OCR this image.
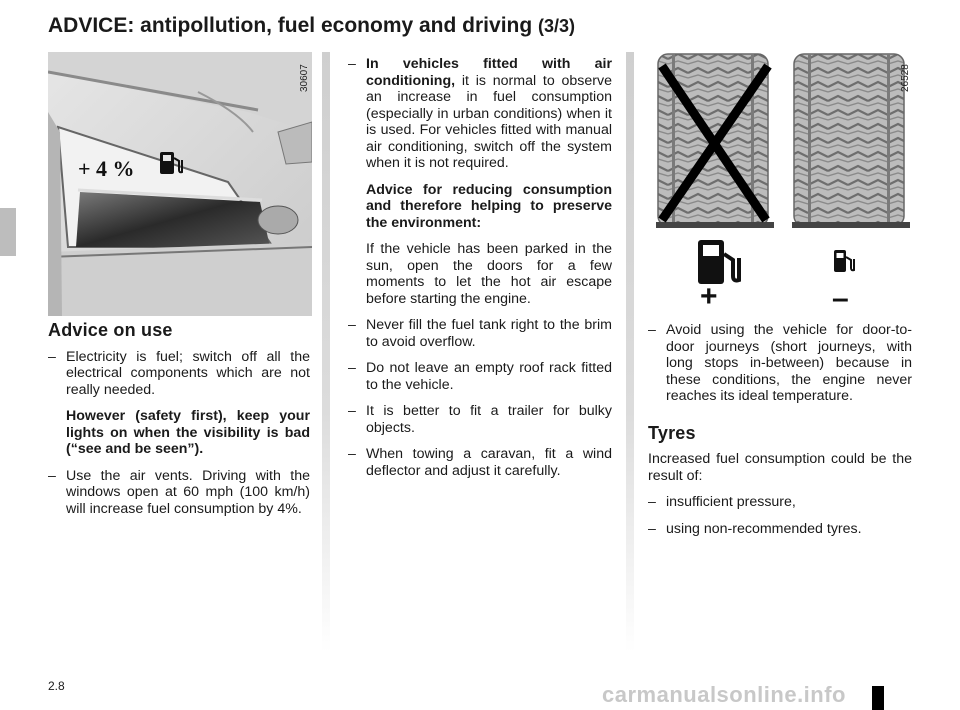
ADVICE: antipollution, fuel economy and driving (3/3)
+ 4 %
30607
Advice on use
– Electricity is fuel; switch off all the electrical components which are not really needed.
However (safety first), keep your lights on when the visibility is bad (“see and be seen”).
– Use the air vents. Driving with the windows open at 60 mph (100 km/h) will increase fuel consumption by 4%.
– In vehicles fitted with air conditioning, it is normal to observe an increase in fuel consumption (especially in urban conditions) when it is used. For vehicles fitted with manual air conditioning, switch off the system when it is not required.
Advice for reducing consumption and therefore helping to preserve the environment:
If the vehicle has been parked in the sun, open the doors for a few moments to let the hot air escape before starting the engine.
– Never fill the fuel tank right to the brim to avoid overflow.
– Do not leave an empty roof rack fitted to the vehicle.
– It is better to fit a trailer for bulky objects.
– When towing a caravan, fit a wind deflector and adjust it carefully.
+	–
26528
– Avoid using the vehicle for door-to-door journeys (short journeys, with long stops in-between) because in these conditions, the engine never reaches its ideal temperature.
Tyres

Increased fuel consumption could be the result of:

– insufficient pressure,
– using non-recommended tyres.
2.8	carmanualsonline.info
